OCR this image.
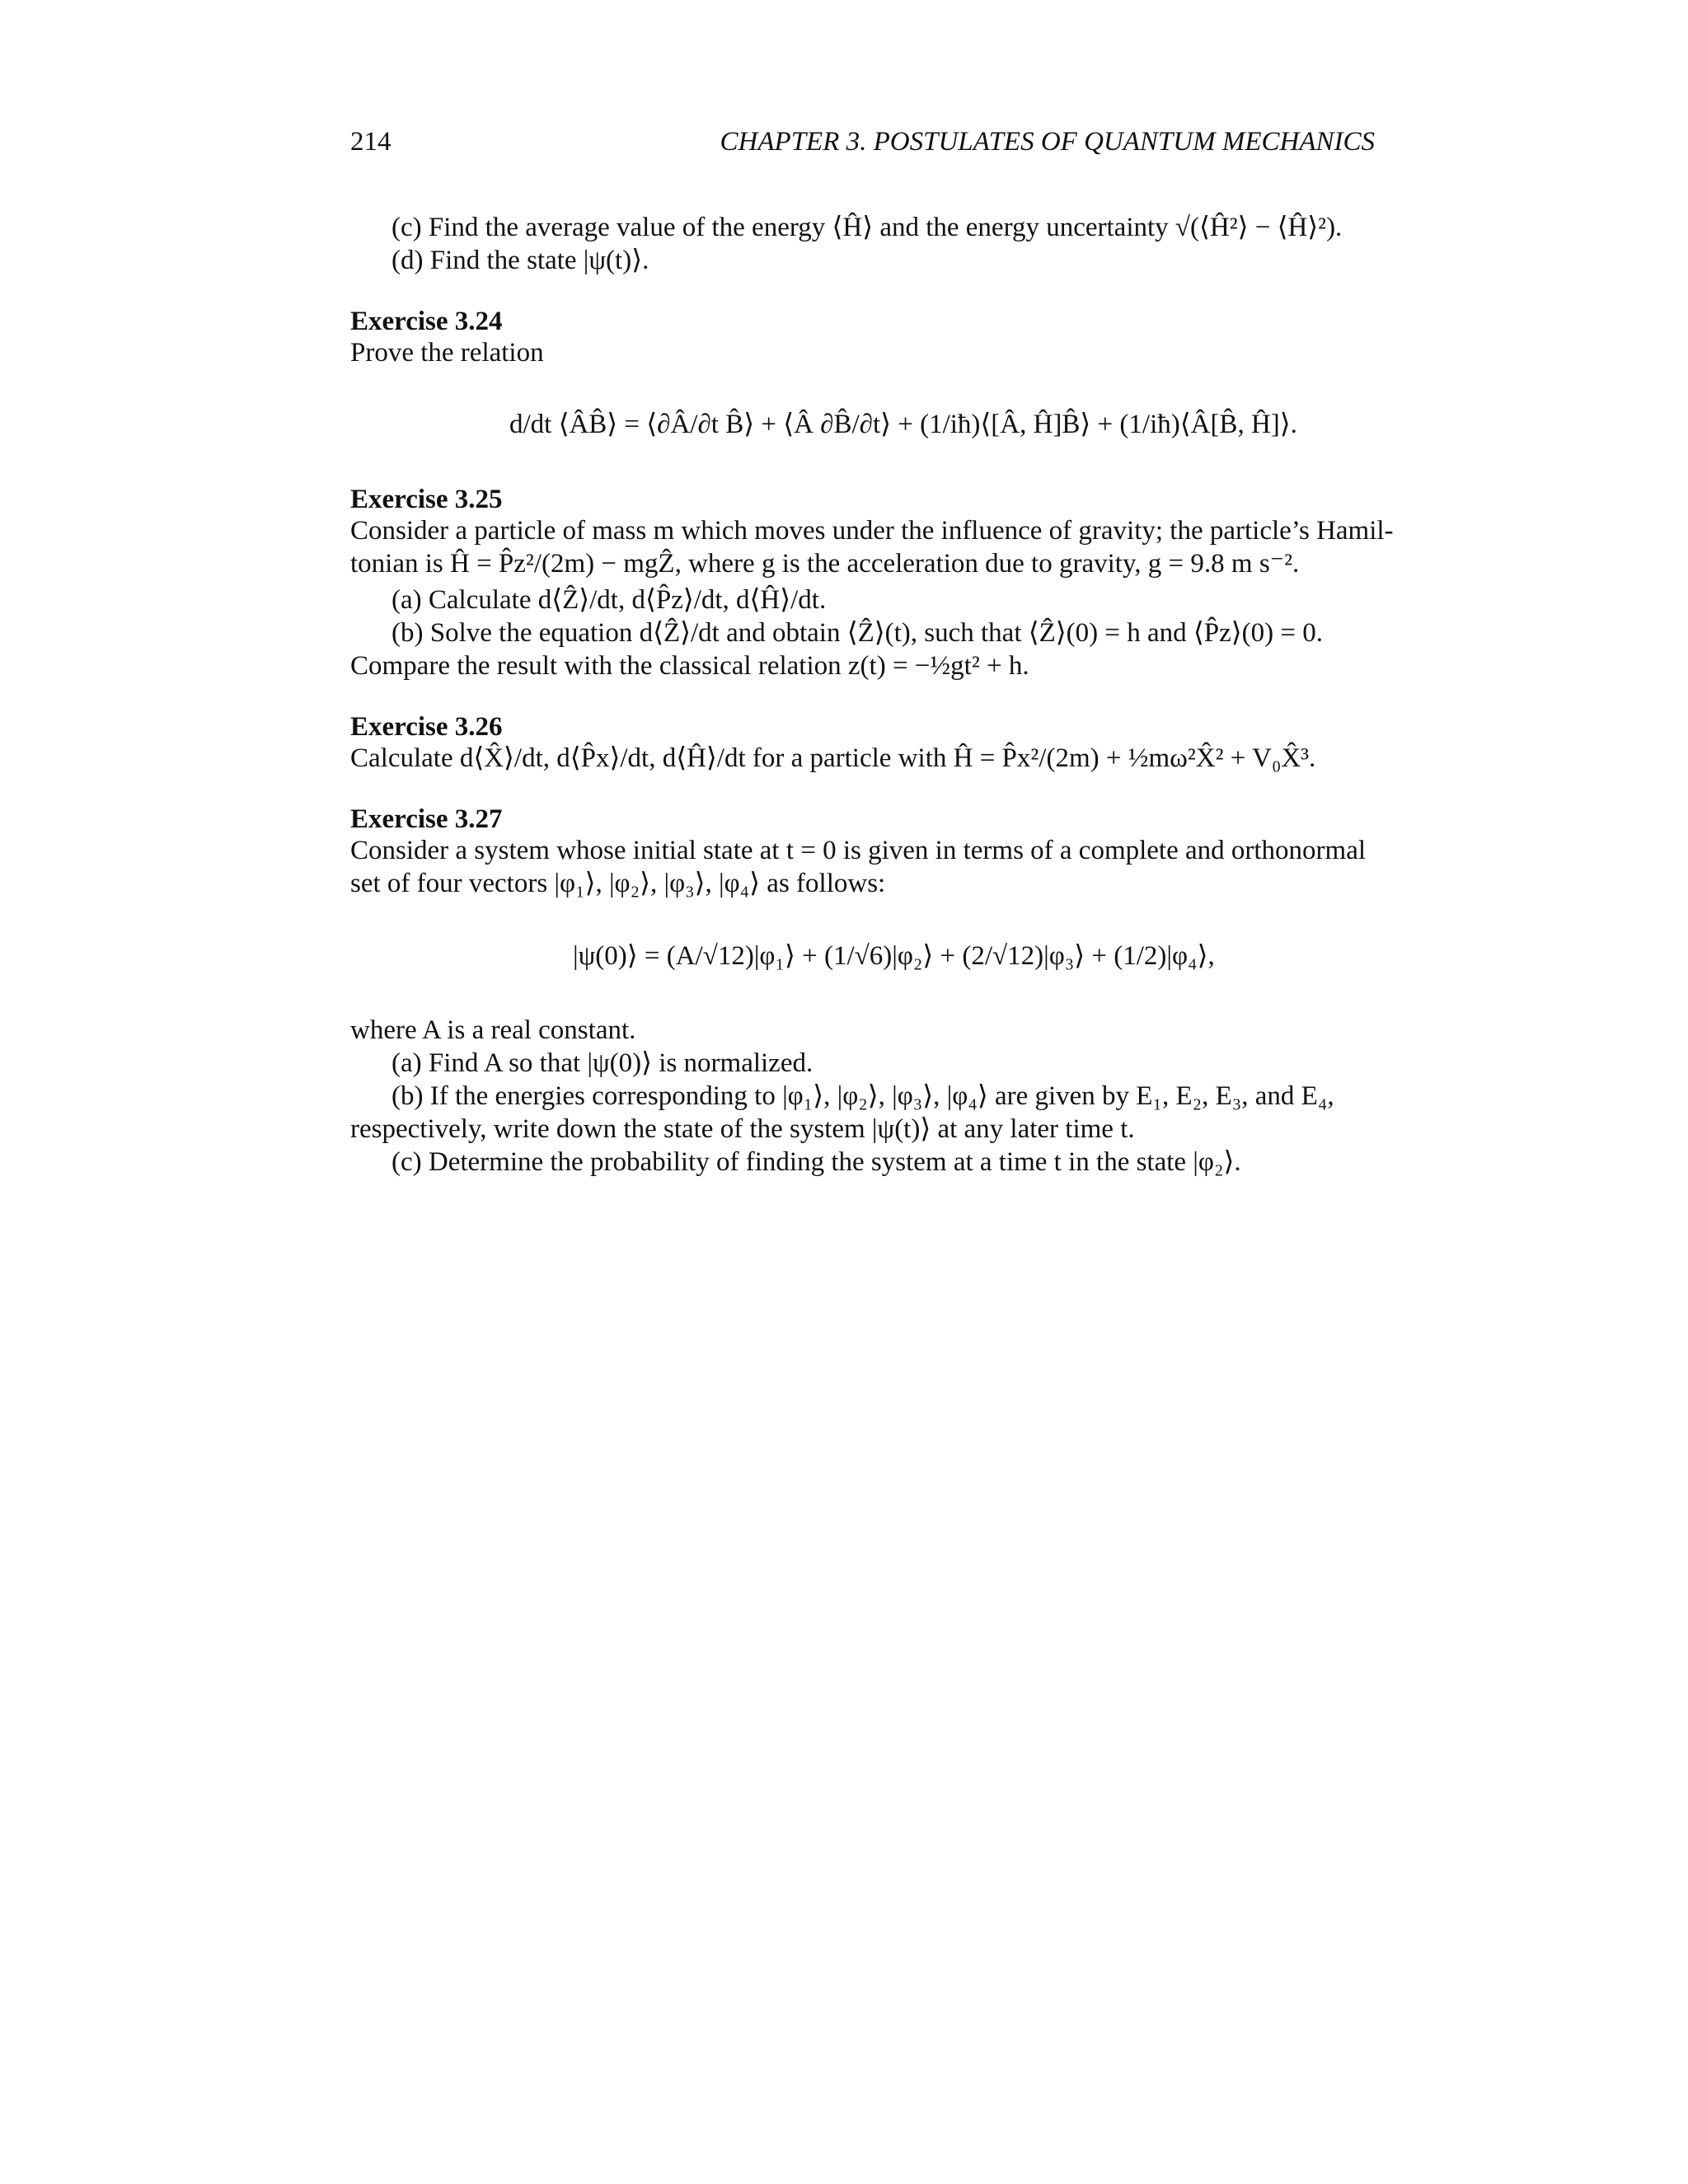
214	CHAPTER 3. POSTULATES OF QUANTUM MECHANICS
(c) Find the average value of the energy ⟨Ĥ⟩ and the energy uncertainty √(⟨Ĥ²⟩ − ⟨Ĥ⟩²).
(d) Find the state |ψ(t)⟩.
Exercise 3.24
Prove the relation
d/dt ⟨ÂB̂⟩ = ⟨∂Â/∂t B̂⟩ + ⟨Â ∂B̂/∂t⟩ + (1/iħ)⟨[Â, Ĥ]B̂⟩ + (1/iħ)⟨Â[B̂, Ĥ]⟩.
Exercise 3.25
Consider a particle of mass m which moves under the influence of gravity; the particle’s Hamil-
tonian is Ĥ = P̂z²/(2m) − mgẐ, where g is the acceleration due to gravity, g = 9.8 m s⁻².
(a) Calculate d⟨Ẑ⟩/dt, d⟨P̂z⟩/dt, d⟨Ĥ⟩/dt.
(b) Solve the equation d⟨Ẑ⟩/dt and obtain ⟨Ẑ⟩(t), such that ⟨Ẑ⟩(0) = h and ⟨P̂z⟩(0) = 0.
Compare the result with the classical relation z(t) = −½gt² + h.
Exercise 3.26
Calculate d⟨X̂⟩/dt, d⟨P̂x⟩/dt, d⟨Ĥ⟩/dt for a particle with Ĥ = P̂x²/(2m) + ½mω²X̂² + V₀X̂³.
Exercise 3.27
Consider a system whose initial state at t = 0 is given in terms of a complete and orthonormal
set of four vectors |φ₁⟩, |φ₂⟩, |φ₃⟩, |φ₄⟩ as follows:
|ψ(0)⟩ = (A/√12)|φ₁⟩ + (1/√6)|φ₂⟩ + (2/√12)|φ₃⟩ + (1/2)|φ₄⟩,
where A is a real constant.
(a) Find A so that |ψ(0)⟩ is normalized.
(b) If the energies corresponding to |φ₁⟩, |φ₂⟩, |φ₃⟩, |φ₄⟩ are given by E₁, E₂, E₃, and E₄,
respectively, write down the state of the system |ψ(t)⟩ at any later time t.
(c) Determine the probability of finding the system at a time t in the state |φ₂⟩.
